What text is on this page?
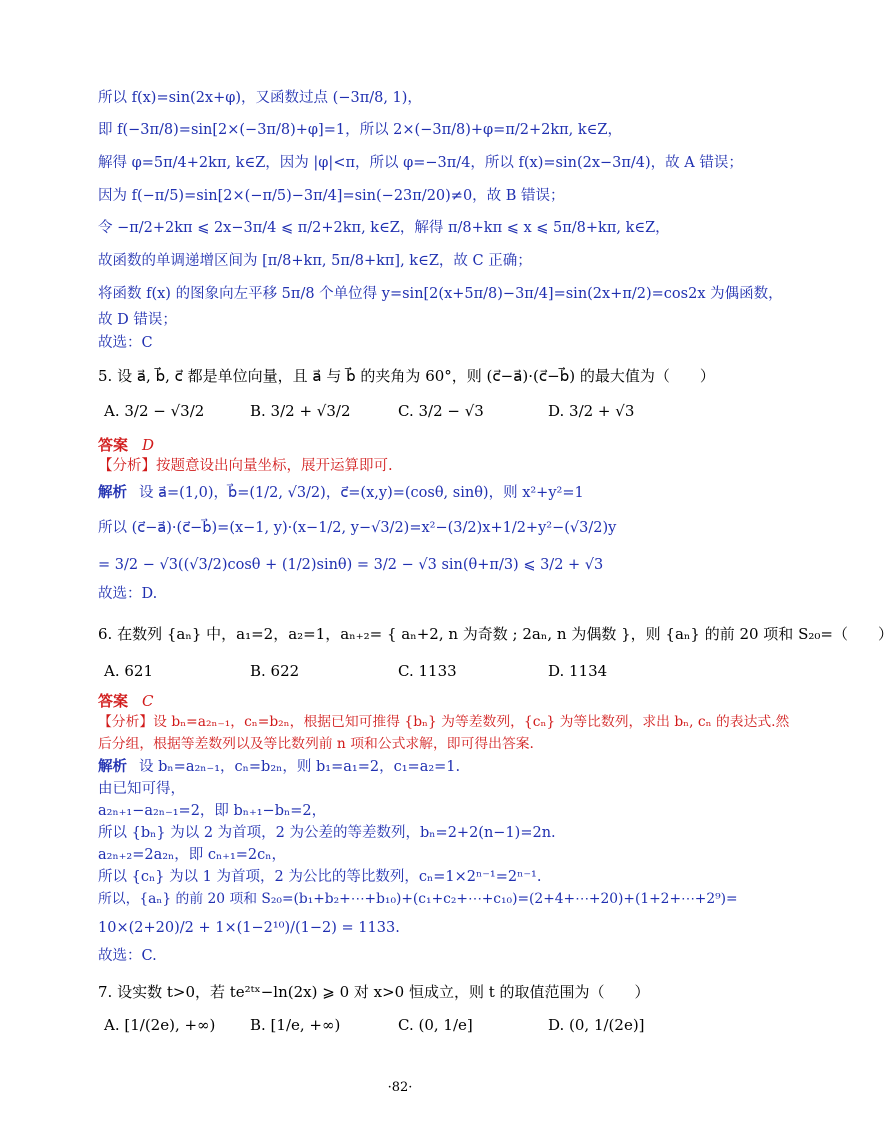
所以 f(x)=sin(2x+φ)，又函数过点 (−3π/8, 1)，
即 f(−3π/8)=sin[2×(−3π/8)+φ]=1，所以 2×(−3π/8)+φ=π/2+2kπ, k∈Z，
解得 φ=5π/4+2kπ, k∈Z，因为 |φ|<π，所以 φ=−3π/4，所以 f(x)=sin(2x−3π/4)，故 A 错误；
因为 f(−π/5)=sin[2×(−π/5)−3π/4]=sin(−23π/20)≠0，故 B 错误；
令 −π/2+2kπ ⩽ 2x−3π/4 ⩽ π/2+2kπ, k∈Z，解得 π/8+kπ ⩽ x ⩽ 5π/8+kπ, k∈Z，
故函数的单调递增区间为 [π/8+kπ, 5π/8+kπ], k∈Z，故 C 正确；
将函数 f(x) 的图象向左平移 5π/8 个单位得 y=sin[2(x+5π/8)−3π/4]=sin(2x+π/2)=cos2x 为偶函数，
故 D 错误；
故选：C
5. 设 a⃗, b⃗, c⃗ 都是单位向量，且 a⃗ 与 b⃗ 的夹角为 60°，则 (c⃗−a⃗)·(c⃗−b⃗) 的最大值为（　　）
A. 3/2 − √3/2	B. 3/2 + √3/2	C. 3/2 − √3	D. 3/2 + √3
答案 D
【分析】按题意设出向量坐标，展开运算即可.
解析 设 a⃗=(1,0)，b⃗=(1/2, √3/2)，c⃗=(x,y)=(cosθ, sinθ)，则 x²+y²=1
所以 (c⃗−a⃗)·(c⃗−b⃗)=(x−1, y)·(x−1/2, y−√3/2)=x²−(3/2)x+1/2+y²−(√3/2)y
= 3/2 − √3((√3/2)cosθ + (1/2)sinθ) = 3/2 − √3 sin(θ+π/3) ⩽ 3/2 + √3
故选：D.
6. 在数列 {aₙ} 中，a₁=2，a₂=1，aₙ₊₂= { aₙ+2, n 为奇数 ; 2aₙ, n 为偶数 }，则 {aₙ} 的前 20 项和 S₂₀=（　　）
A. 621	B. 622	C. 1133	D. 1134
答案 C
【分析】设 bₙ=a₂ₙ₋₁，cₙ=b₂ₙ，根据已知可推得 {bₙ} 为等差数列，{cₙ} 为等比数列，求出 bₙ, cₙ 的表达式.然
后分组，根据等差数列以及等比数列前 n 项和公式求解，即可得出答案.
解析 设 bₙ=a₂ₙ₋₁，cₙ=b₂ₙ，则 b₁=a₁=2，c₁=a₂=1.
由已知可得，
a₂ₙ₊₁−a₂ₙ₋₁=2，即 bₙ₊₁−bₙ=2，
所以 {bₙ} 为以 2 为首项，2 为公差的等差数列，bₙ=2+2(n−1)=2n.
a₂ₙ₊₂=2a₂ₙ，即 cₙ₊₁=2cₙ，
所以 {cₙ} 为以 1 为首项，2 为公比的等比数列，cₙ=1×2ⁿ⁻¹=2ⁿ⁻¹.
所以，{aₙ} 的前 20 项和 S₂₀=(b₁+b₂+⋯+b₁₀)+(c₁+c₂+⋯+c₁₀)=(2+4+⋯+20)+(1+2+⋯+2⁹)=
10×(2+20)/2 + 1×(1−2¹⁰)/(1−2) = 1133.
故选：C.
7. 设实数 t>0，若 te²ᵗˣ−ln(2x) ⩾ 0 对 x>0 恒成立，则 t 的取值范围为（　　）
A. [1/(2e), +∞) B. [1/e, +∞)	C. (0, 1/e]	D. (0, 1/(2e)]
·82·
